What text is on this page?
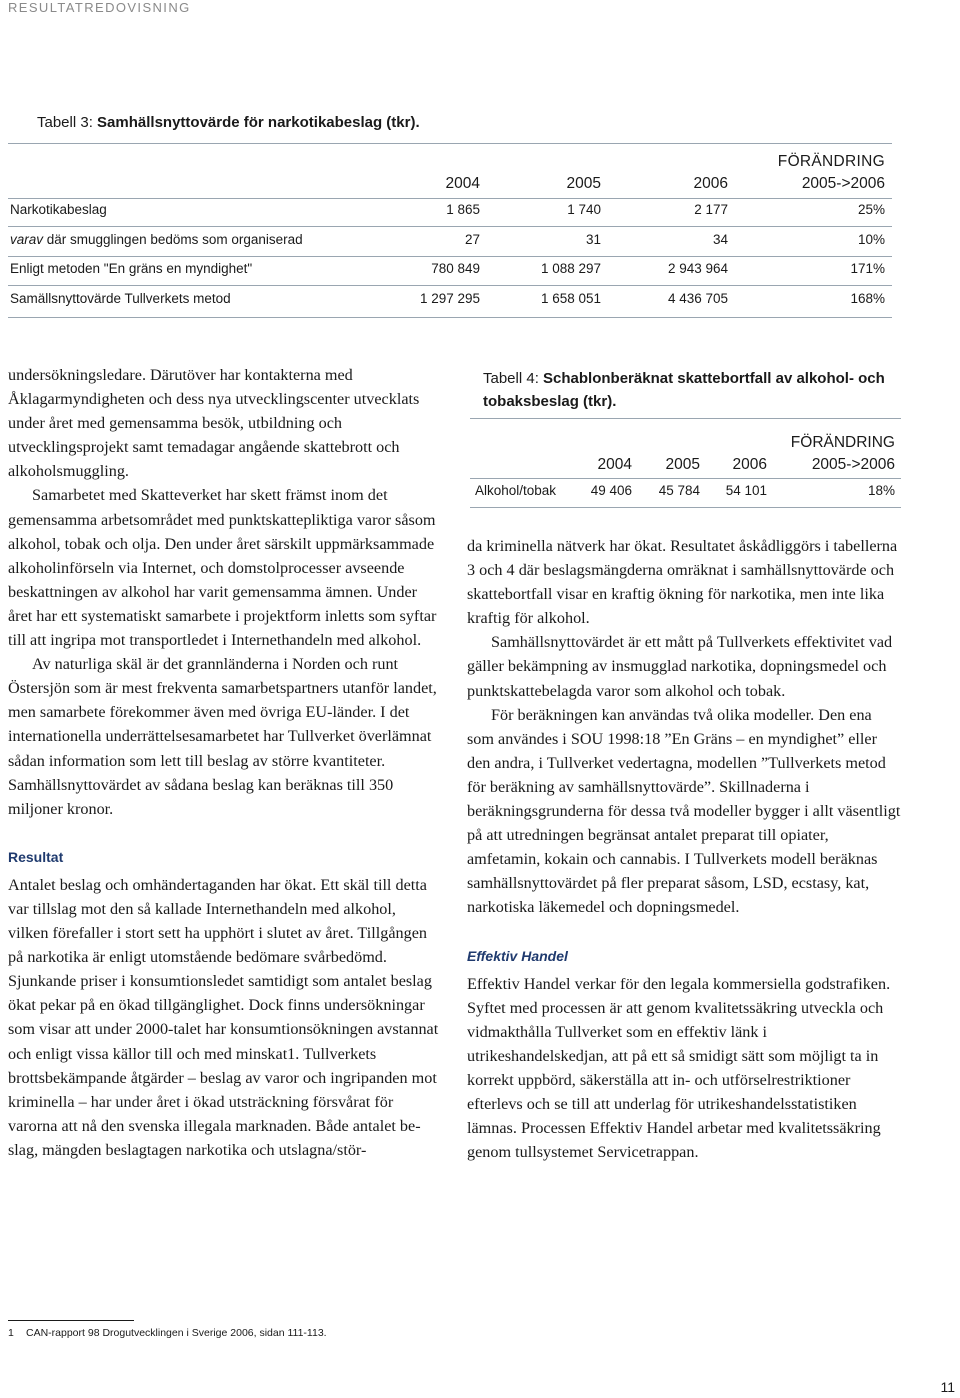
RESULTATREDOVISNING
Tabell 3: Samhällsnyttovärde för narkotikabeslag (tkr).
FÖRÄNDRING
2004	2005	2006	2005->2006
Narkotikabeslag	1 865	1 740	2 177	25%
varav där smugglingen bedöms som organiserad	27	31	34	10%
Enligt metoden "En gräns en myndighet"	780 849	1 088 297	2 943 964	171%
Samällsnyttovärde Tullverkets metod	1 297 295	1 658 051	4 436 705	168%
Tabell 4: Schablonberäknat skattebortfall av alkohol- och tobaksbeslag (tkr).
FÖRÄNDRING
2004	2005	2006	2005->2006
Alkohol/tobak	49 406	45 784	54 101	18%

undersökningsledare. Därutöver har kontakterna med Åklagarmyndigheten och dess nya utvecklingscenter utvecklats under året med gemensamma besök, utbildning och utvecklingsprojekt samt temadagar angående skattebrott och alkoholsmuggling.

Samarbetet med Skatteverket har skett främst inom det gemensamma arbetsområdet med punktskattepliktiga varor såsom alkohol, tobak och olja. Den under året särskilt uppmärksammade alkoholinförseln via Internet, och domstolprocesser avseende beskattningen av alkohol har varit gemensamma ämnen. Under året har ett systematiskt samarbete i projektform inletts som syftar till att ingripa mot transportledet i Internethandeln med alkohol.

Av naturliga skäl är det grannländerna i Norden och runt Östersjön som är mest frekventa samarbetspartners utanför landet, men samarbete förekommer även med övriga EU-länder. I det internationella underrättelsesamarbetet har Tullverket överlämnat sådan information som lett till beslag av större kvantiteter. Samhällsnyttovärdet av sådana beslag kan beräknas till 350 miljoner kronor.

Resultat

Antalet beslag och omhändertaganden har ökat. Ett skäl till detta var tillslag mot den så kallade Internethandeln med alkohol, vilken förefaller i stort sett ha upphört i slutet av året. Tillgången på narkotika är enligt utomstående bedömare svårbedömd. Sjunkande priser i konsumtionsledet samtidigt som antalet beslag ökat pekar på en ökad tillgänglighet. Dock finns undersökningar som visar att under 2000-talet har konsumtionsökningen avstannat och enligt vissa källor till och med minskat1. Tullverkets brottsbekämpande åtgärder – beslag av varor och ingripanden mot kriminella – har under året i ökad utsträckning försvårat för varorna att nå den svenska illegala marknaden. Både antalet beslag, mängden beslagtagen narkotika och utslagna/stör-

da kriminella nätverk har ökat. Resultatet åskådliggörs i tabellerna 3 och 4 där beslagsmängderna omräknat i samhällsnyttovärde och skattebortfall visar en kraftig ökning för narkotika, men inte lika kraftig för alkohol.

Samhällsnyttovärdet är ett mått på Tullverkets effektivitet vad gäller bekämpning av insmugglad narkotika, dopningsmedel och punktskattebelagda varor som alkohol och tobak.

För beräkningen kan användas två olika modeller. Den ena som användes i SOU 1998:18 ”En Gräns – en myndighet” eller den andra, i Tullverket vedertagna, modellen ”Tullverkets metod för beräkning av samhällsnyttovärde”. Skillnaderna i beräkningsgrunderna för dessa två modeller bygger i allt väsentligt på att utredningen begränsat antalet preparat till opiater, amfetamin, kokain och cannabis. I Tullverkets modell beräknas samhällsnyttovärdet på fler preparat såsom, LSD, ecstasy, kat, narkotiska läkemedel och dopningsmedel.

Effektiv Handel

Effektiv Handel verkar för den legala kommersiella godstrafiken. Syftet med processen är att genom kvalitetssäkring utveckla och vidmakthålla Tullverket som en effektiv länk i utrikeshandelskedjan, att på ett så smidigt sätt som möjligt ta in korrekt uppbörd, säkerställa att in- och utförselrestriktioner efterlevs och se till att underlag för utrikeshandelsstatistiken lämnas. Processen Effektiv Handel arbetar med kvalitetssäkring genom tullsystemet Servicetrappan.

1 CAN-rapport 98 Drogutvecklingen i Sverige 2006, sidan 111-113.
11
